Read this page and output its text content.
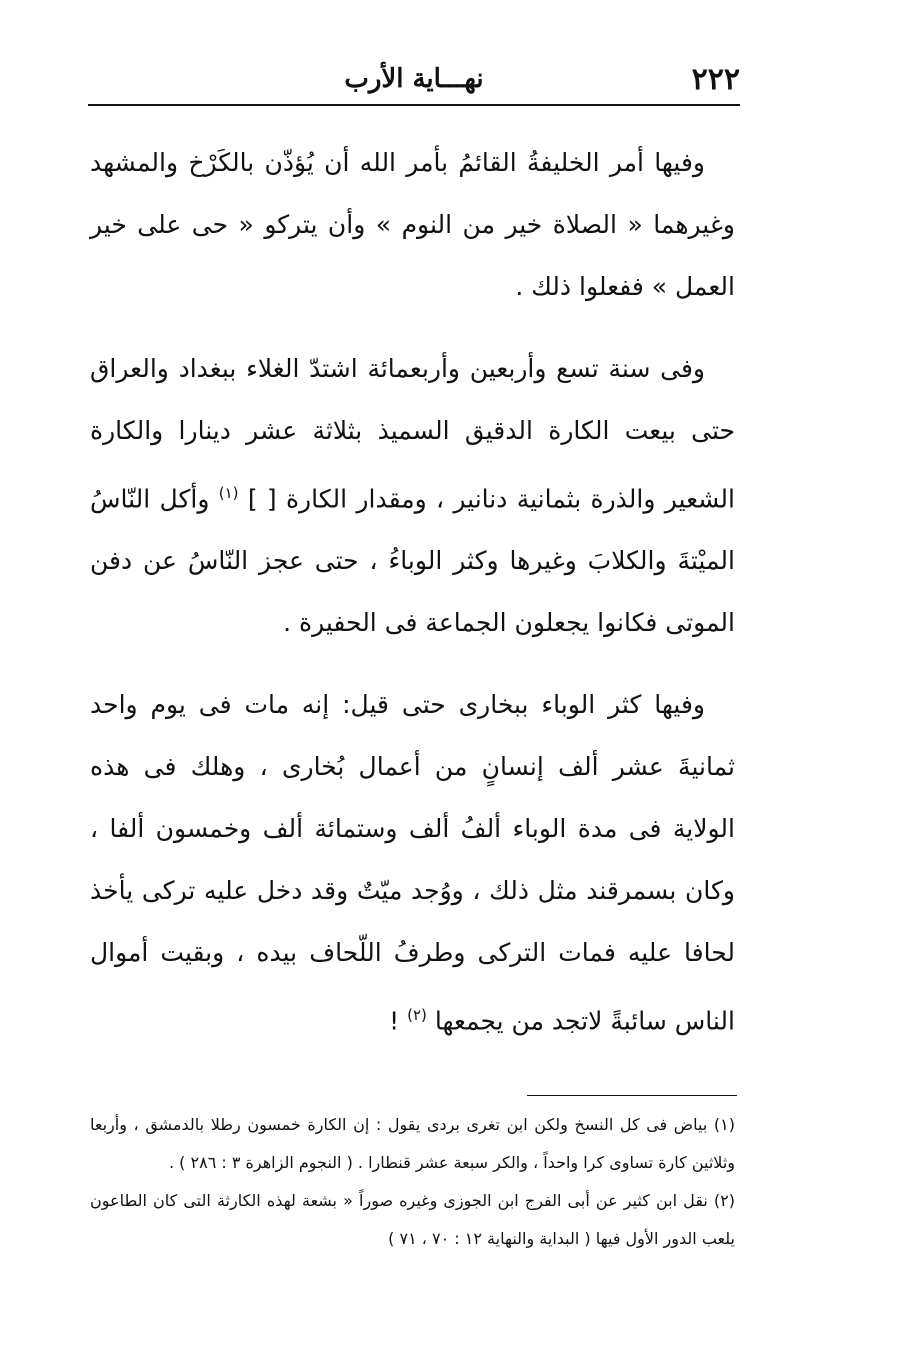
٢٢٢
نهـــاية الأرب

وفيها أمر الخليفةُ القائمُ بأمر الله أن يُؤذّن بالكَرْخ والمشهد وغيرهما « الصلاة خير من النوم » وأن يتركو « حى على خير العمل » ففعلوا ذلك .

وفى سنة تسع وأربعين وأربعمائة اشتدّ الغلاء ببغداد والعراق حتى بيعت الكارة الدقيق السميذ بثلاثة عشر دينارا والكارة الشعير والذرة بثمانية دنانير ، ومقدار الكارة [ ] $^{(١)}$ وأكل النّاسُ الميْتةَ والكلابَ وغيرها وكثر الوباءُ ، حتى عجز النّاسُ عن دفن الموتى فكانوا يجعلون الجماعة فى الحفيرة .

وفيها كثر الوباء ببخارى حتى قيل: إنه مات فى يوم واحد ثمانيةَ عشر ألف إنسانٍ من أعمال بُخارى ، وهلك فى هذه الولاية فى مدة الوباء ألفُ ألف وستمائة ألف وخمسون ألفا ، وكان بسمرقند مثل ذلك ، ووُجد ميّتٌ وقد دخل عليه تركى يأخذ لحافا عليه فمات التركى وطرفُ اللّحاف بيده ، وبقيت أموال الناس سائبةً لاتجد من يجمعها $^{(٢)}$ !

(١) بياض فى كل النسخ ولكن ابن تغرى بردى يقول : إن الكارة خمسون رطلا بالدمشق ، وأربعا وثلاثين كارة تساوى كرا واحداً ، والكر سبعة عشر قنطارا . ( النجوم الزاهرة ٣ : ٢٨٦ ) .

(٢) نقل ابن كثير عن أبى الفرج ابن الجوزى وغيره صوراً « بشعة لهذه الكارثة التى كان الطاعون يلعب الدور الأول فيها ( البداية والنهاية ١٢ : ٧٠ ، ٧١ )
